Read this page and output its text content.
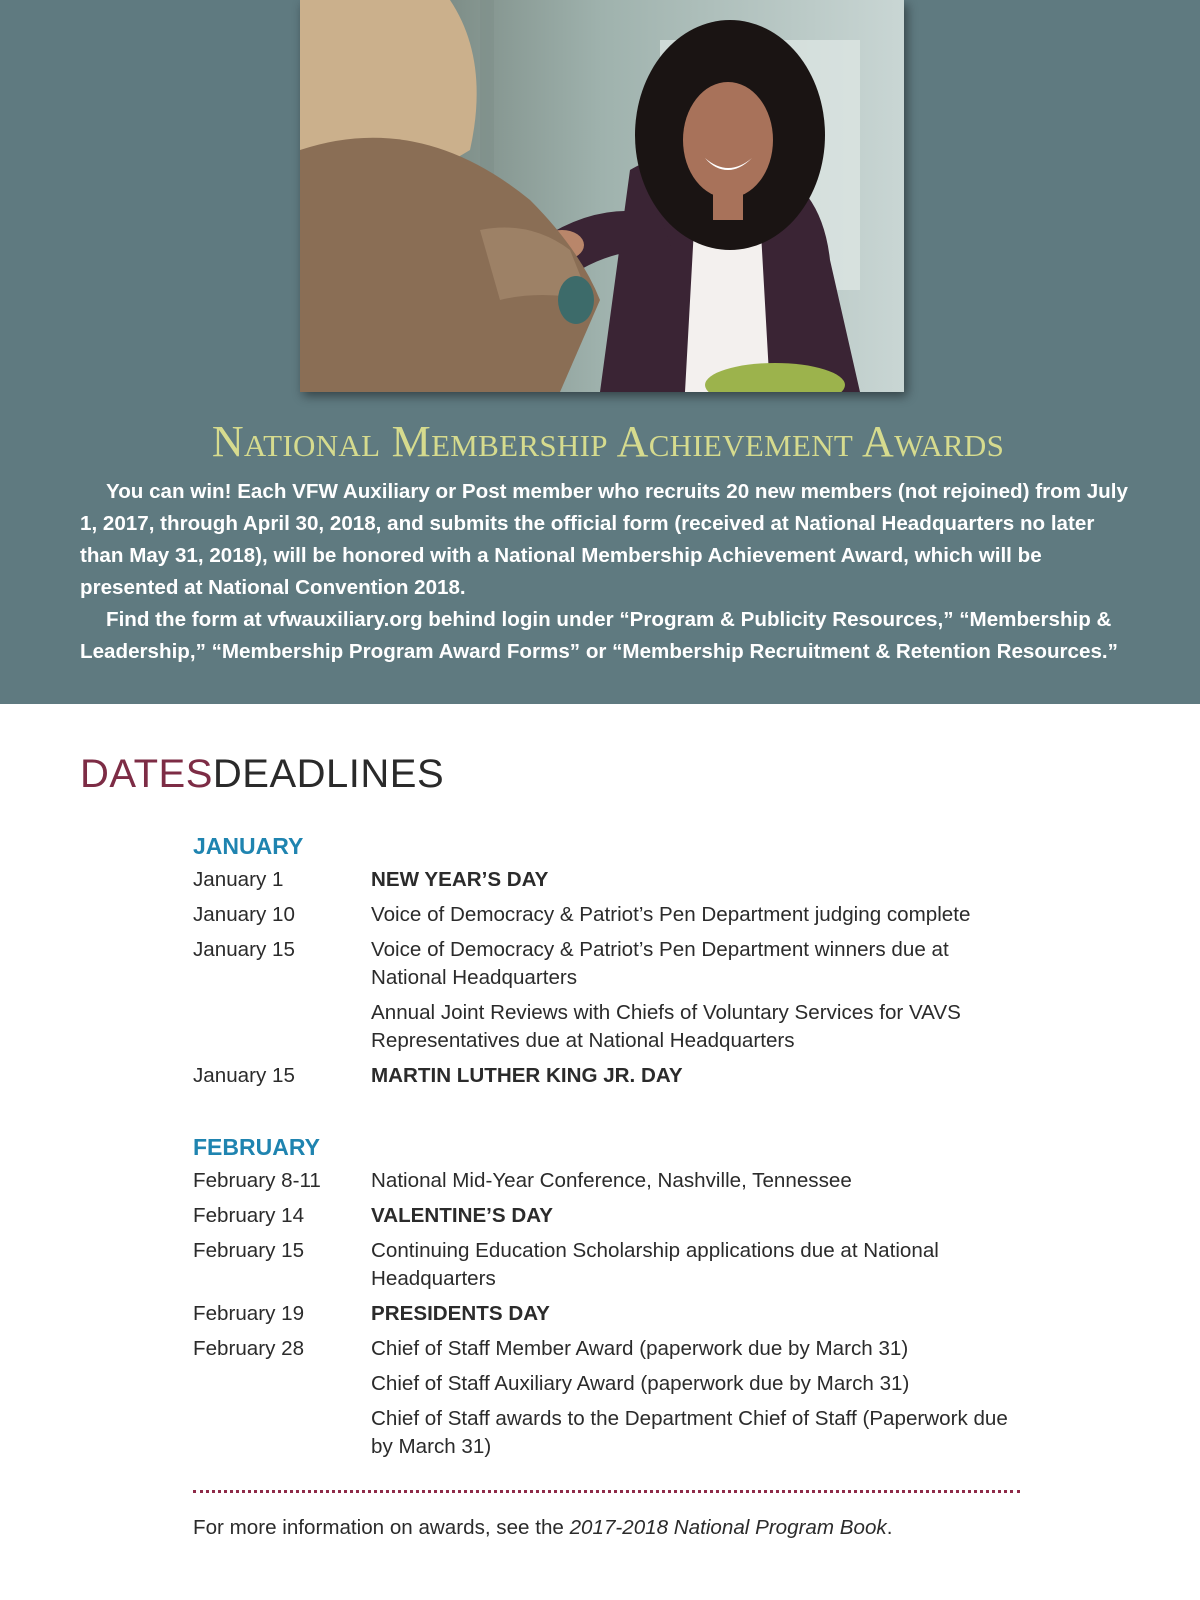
National Membership Achievement Awards

You can win! Each VFW Auxiliary or Post member who recruits 20 new members (not rejoined) from July 1, 2017, through April 30, 2018, and submits the official form (received at National Headquarters no later than May 31, 2018), will be honored with a National Membership Achievement Award, which will be presented at National Convention 2018.

Find the form at vfwauxiliary.org behind login under “Program & Publicity Resources,” “Membership & Leadership,” “Membership Program Award Forms” or “Membership Recruitment & Retention Resources.”

DATESDEADLINES
JANUARY
January 1	NEW YEAR’S DAY
January 10	Voice of Democracy & Patriot’s Pen Department judging complete
January 15	Voice of Democracy & Patriot’s Pen Department winners due at National Headquarters
Annual Joint Reviews with Chiefs of Voluntary Services for VAVS Representatives due at National Headquarters
January 15	MARTIN LUTHER KING JR. DAY
FEBRUARY
February 8-11	National Mid-Year Conference, Nashville, Tennessee
February 14	VALENTINE’S DAY
February 15	Continuing Education Scholarship applications due at National Headquarters
February 19	PRESIDENTS DAY
February 28	Chief of Staff Member Award (paperwork due by March 31)
Chief of Staff Auxiliary Award (paperwork due by March 31)
Chief of Staff awards to the Department Chief of Staff (Paperwork due by March 31)
For more information on awards, see the 2017-2018 National Program Book.
